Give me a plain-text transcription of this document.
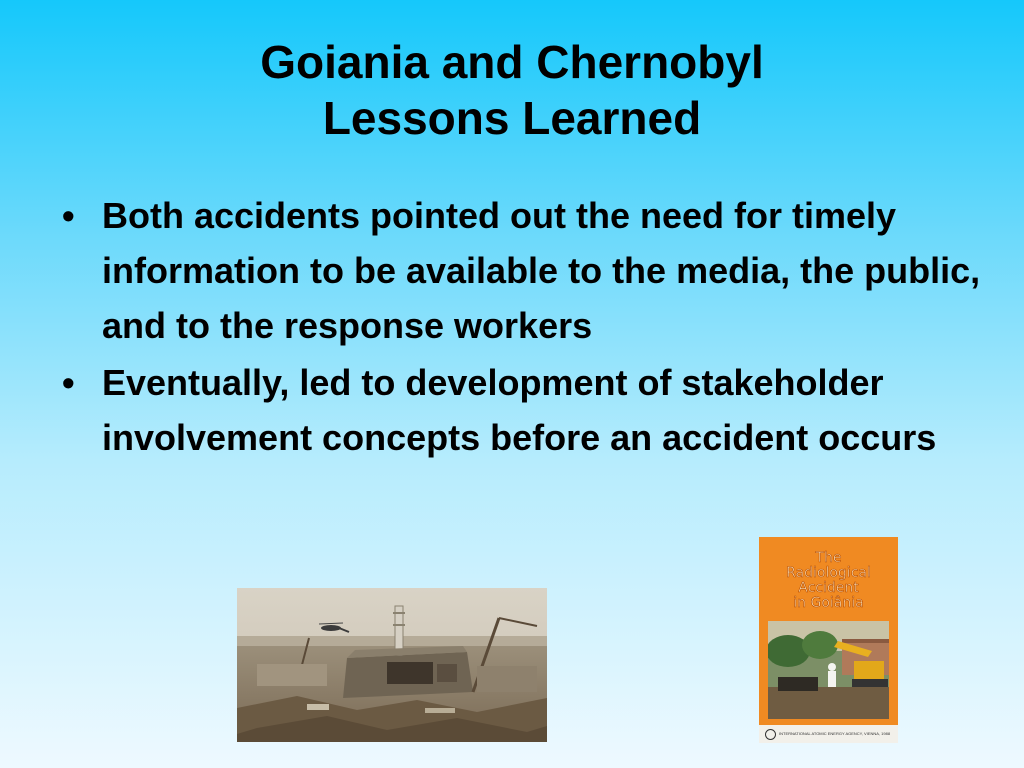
Goiania and Chernobyl
Lessons Learned
• Both accidents pointed out the need for timely information to be available to the media, the public, and to the response workers
• Eventually, led to development of stakeholder involvement concepts before an accident occurs
The
Radiological
Accident
in Goiânia
INTERNATIONAL ATOMIC ENERGY AGENCY, VIENNA, 1988
